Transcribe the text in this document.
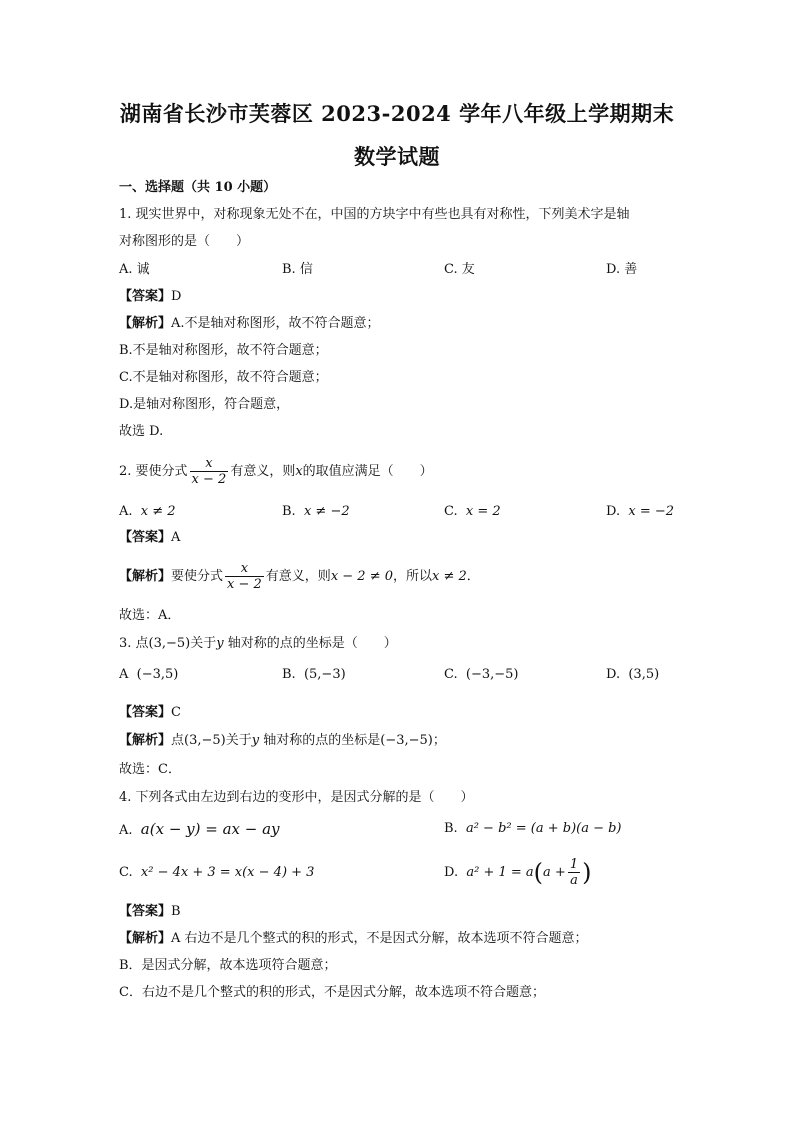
湖南省长沙市芙蓉区 2023-2024 学年八年级上学期期末
数学试题
一、选择题（共 10 小题）
1. 现实世界中，对称现象无处不在，中国的方块字中有些也具有对称性，下列美术字是轴
对称图形的是（　　）
A. 诚	B. 信	C. 友	D. 善
【答案】D
【解析】A.不是轴对称图形，故不符合题意；
B.不是轴对称图形，故不符合题意；
C.不是轴对称图形，故不符合题意；
D.是轴对称图形，符合题意，
故选 D.
2. 要使分式 $\frac{x}{x - 2}$ 有意义，则x的取值应满足（　　）
A. x ≠ 2	B. x ≠ −2	C. x = 2	D. x = −2
【答案】A
【解析】要使分式 $\frac{x}{x - 2}$ 有意义，则x − 2 ≠ 0，所以x ≠ 2．
故选：A．
3. 点(3,−5)关于y 轴对称的点的坐标是（　　）
A (−3,5)	B. (5,−3)	C. (−3,−5)	D. (3,5)
【答案】C
【解析】点(3,−5)关于y 轴对称的点的坐标是(−3,−5)；
故选：C．
4. 下列各式由左边到右边的变形中，是因式分解的是（　　）
A. a(x − y) = ax − ay	B. a² − b² = (a + b)(a − b)
C. x² − 4x + 3 = x(x − 4) + 3	D. $a^2 + 1 = a(a + \frac{1}{a}$ )
【答案】B
【解析】A 右边不是几个整式的积的形式，不是因式分解，故本选项不符合题意；
B．是因式分解，故本选项符合题意；
C．右边不是几个整式的积的形式，不是因式分解，故本选项不符合题意；
